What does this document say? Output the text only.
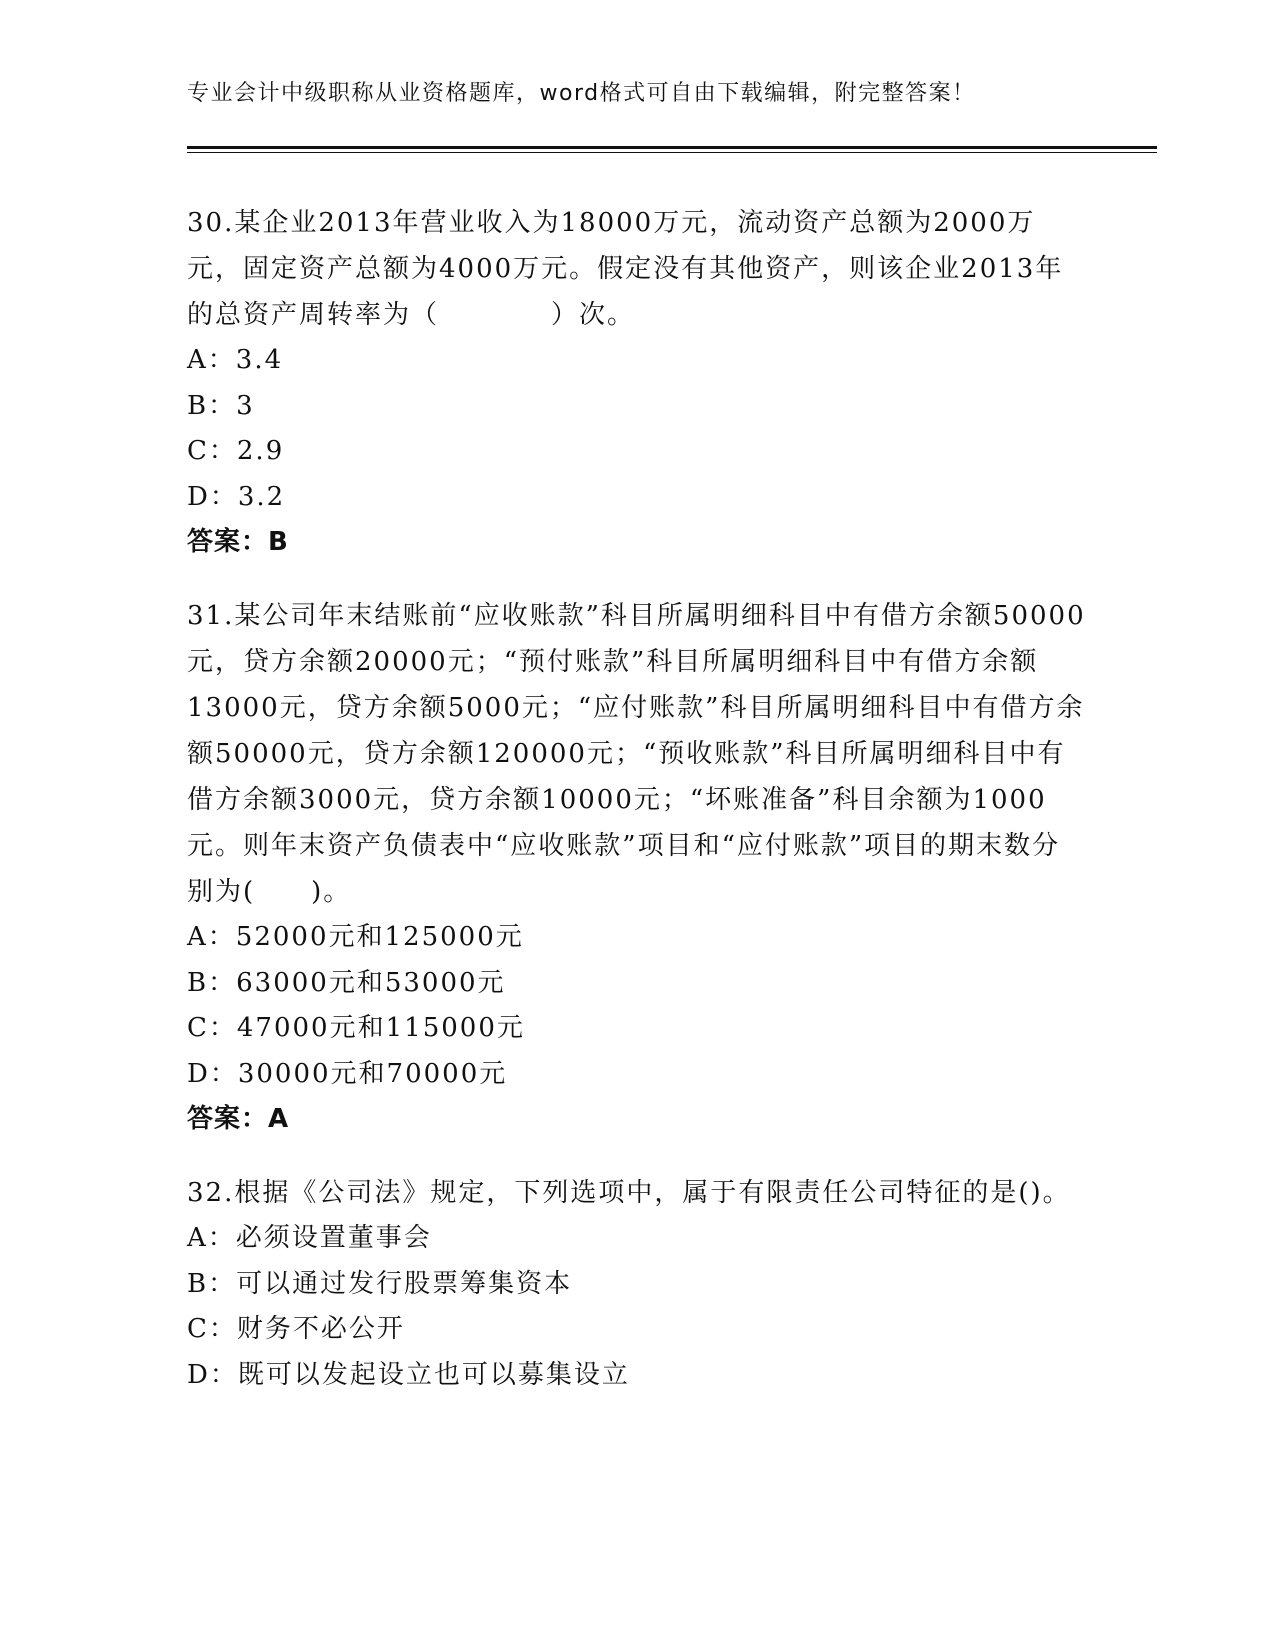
专业会计中级职称从业资格题库，word格式可自由下载编辑，附完整答案！
30.某企业2013年营业收入为18000万元，流动资产总额为2000万元，固定资产总额为4000万元。假定没有其他资产，则该企业2013年的总资产周转率为（　　　　）次。
A：3.4
B：3
C：2.9
D：3.2
答案：B
31.某公司年末结账前“应收账款”科目所属明细科目中有借方余额50000元，贷方余额20000元；“预付账款”科目所属明细科目中有借方余额13000元，贷方余额5000元；“应付账款”科目所属明细科目中有借方余额50000元，贷方余额120000元；“预收账款”科目所属明细科目中有借方余额3000元，贷方余额10000元；“坏账准备”科目余额为1000元。则年末资产负债表中“应收账款”项目和“应付账款”项目的期末数分别为(　　)。
A：52000元和125000元
B：63000元和53000元
C：47000元和115000元
D：30000元和70000元
答案：A
32.根据《公司法》规定，下列选项中，属于有限责任公司特征的是()。
A：必须设置董事会
B：可以通过发行股票筹集资本
C：财务不必公开
D：既可以发起设立也可以募集设立
